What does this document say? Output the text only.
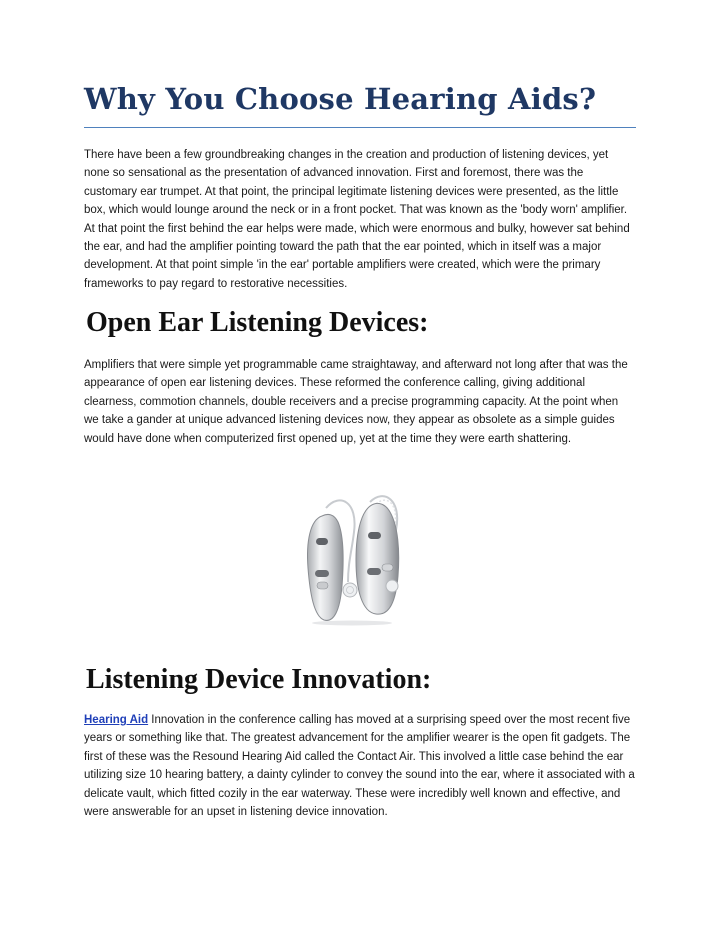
Why You Choose Hearing Aids?

There have been a few groundbreaking changes in the creation and production of listening devices, yet none so sensational as the presentation of advanced innovation. First and foremost, there was the customary ear trumpet. At that point, the principal legitimate listening devices were presented, as the little box, which would lounge around the neck or in a front pocket. That was known as the 'body worn' amplifier. At that point the first behind the ear helps were made, which were enormous and bulky, however sat behind the ear, and had the amplifier pointing toward the path that the ear pointed, which in itself was a major development. At that point simple 'in the ear' portable amplifiers were created, which were the primary frameworks to pay regard to restorative necessities.

Open Ear Listening Devices:

Amplifiers that were simple yet programmable came straightaway, and afterward not long after that was the appearance of open ear listening devices. These reformed the conference calling, giving additional clearness, commotion channels, double receivers and a precise programming capacity. At the point when we take a gander at unique advanced listening devices now, they appear as obsolete as a simple guides would have done when computerized first opened up, yet at the time they were earth shattering.

Listening Device Innovation:

Hearing Aid Innovation in the conference calling has moved at a surprising speed over the most recent five years or something like that. The greatest advancement for the amplifier wearer is the open fit gadgets. The first of these was the Resound Hearing Aid called the Contact Air. This involved a little case behind the ear utilizing size 10 hearing battery, a dainty cylinder to convey the sound into the ear, where it associated with a delicate vault, which fitted cozily in the ear waterway. These were incredibly well known and effective, and were answerable for an upset in listening device innovation.
